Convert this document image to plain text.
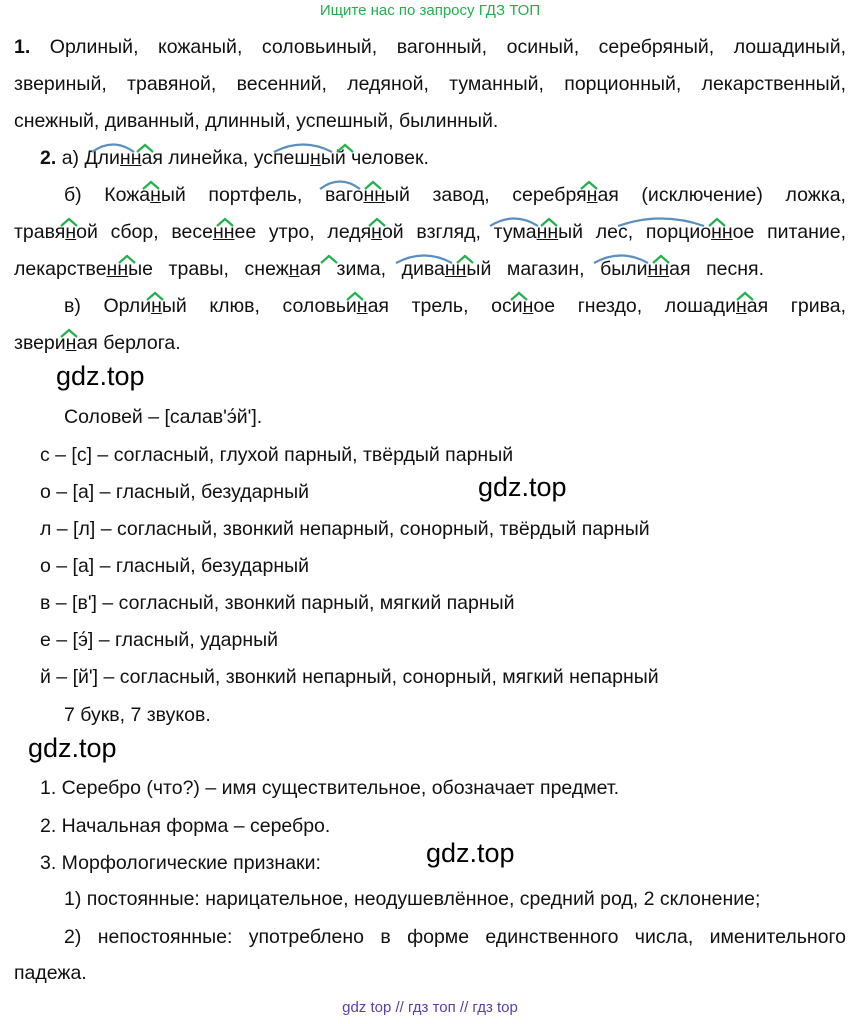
Ищите нас по запросу ГДЗ ТОП
1. Орлиный, кожаный, соловьиный, вагонный, осиный, серебряный, лошадиный,
звериный, травяной, весенний, ледяной, туманный, порционный, лекарственный,
снежный, диванный, длинный, успешный, былинный.
2. а) Длинная линейка, успешный человек.
б) Кожаный портфель, вагонный завод, серебряная (исключение) ложка,
травяной сбор, весеннее утро, ледяной взгляд, туманный лес, порционное питание,
лекарственные травы, снежная зима, диванный магазин, былинная песня.
в) Орлиный клюв, соловьиная трель, осиное гнездо, лошадиная грива,
звериная берлога.
gdz.top
Соловей – [салав'э́й'].
с – [с] – согласный, глухой парный, твёрдый парный
о – [а] – гласный, безударный	gdz.top
л – [л] – согласный, звонкий непарный, сонорный, твёрдый парный
о – [а] – гласный, безударный
в – [в'] – согласный, звонкий парный, мягкий парный
е – [э́] – гласный, ударный
й – [й'] – согласный, звонкий непарный, сонорный, мягкий непарный
7 букв, 7 звуков.
gdz.top
1. Серебро (что?) – имя существительное, обозначает предмет.
2. Начальная форма – серебро.
3. Морфологические признаки:	gdz.top
1) постоянные: нарицательное, неодушевлённое, средний род, 2 склонение;
2) непостоянные: употреблено в форме единственного числа, именительного
падежа.
gdz top // гдз топ // гдз top
